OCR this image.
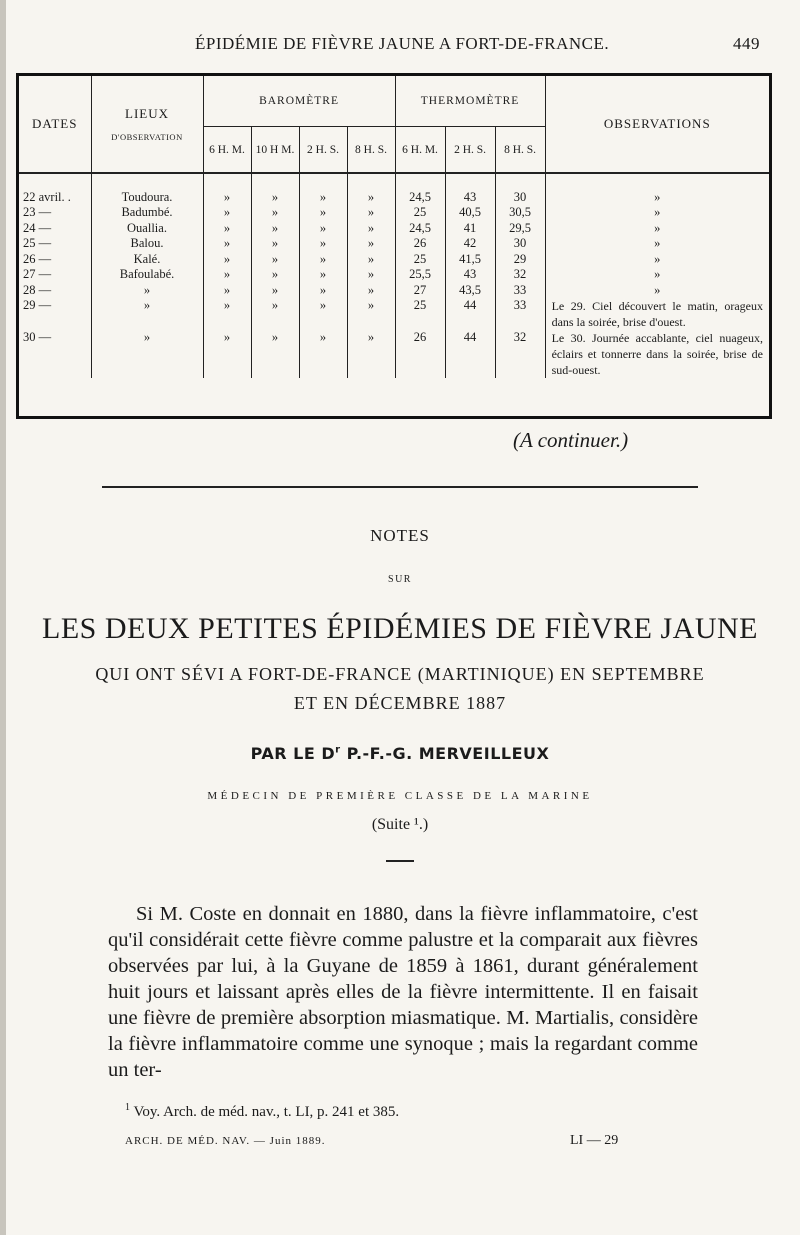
ÉPIDÉMIE DE FIÈVRE JAUNE A FORT-DE-FRANCE.	449
DATES	LIEUX
D'OBSERVATION	BAROMÈTRE				THERMOMÈTRE			OBSERVATIONS
		6 H. M.	10 H M.	2 H. S.	8 H. S.	6 H. M.	2 H. S.	8 H. S.	

22 avril. .	Toudoura.	»	»	»	»	24,5	43	30	»
23 —	Badumbé.	»	»	»	»	25	40,5	30,5	»
24 —	Ouallia.	»	»	»	»	24,5	41	29,5	»
25 —	Balou.	»	»	»	»	26	42	30	»
26 —	Kalé.	»	»	»	»	25	41,5	29	»
27 —	Bafoulabé.	»	»	»	»	25,5	43	32	»
28 —	»	»	»	»	»	27	43,5	33	»
29 —	»	»	»	»	»	25	44	33	Le 29. Ciel découvert le matin, orageux dans la soirée, brise d'ouest.
30 —	»	»	»	»	»	26	44	32	Le 30. Journée accablante, ciel nuageux, éclairs et tonnerre dans la soirée, brise de sud-ouest.
(A continuer.)
NOTES
SUR
LES DEUX PETITES ÉPIDÉMIES DE FIÈVRE JAUNE
QUI ONT SÉVI A FORT-DE-FRANCE (MARTINIQUE) EN SEPTEMBRE
ET EN DÉCEMBRE 1887
PAR LE $D^r$ P.-F.-G. MERVEILLEUX
MÉDECIN DE PREMIÈRE CLASSE DE LA MARINE
(Suite ¹.)

Si M. Coste en donnait en 1880, dans la fièvre inflammatoire, c'est qu'il considérait cette fièvre comme palustre et la comparait aux fièvres observées par lui, à la Guyane de 1859 à 1861, durant généralement huit jours et laissant après elles de la fièvre intermittente. Il en faisait une fièvre de première absorption miasmatique. M. Martialis, considère la fièvre inflammatoire comme une synoque ; mais la regardant comme un ter-

$^1$ Voy. Arch. de méd. nav., t. LI, p. 241 et 385.
ARCH. DE MÉD. NAV. — Juin 1889.	LI — 29
